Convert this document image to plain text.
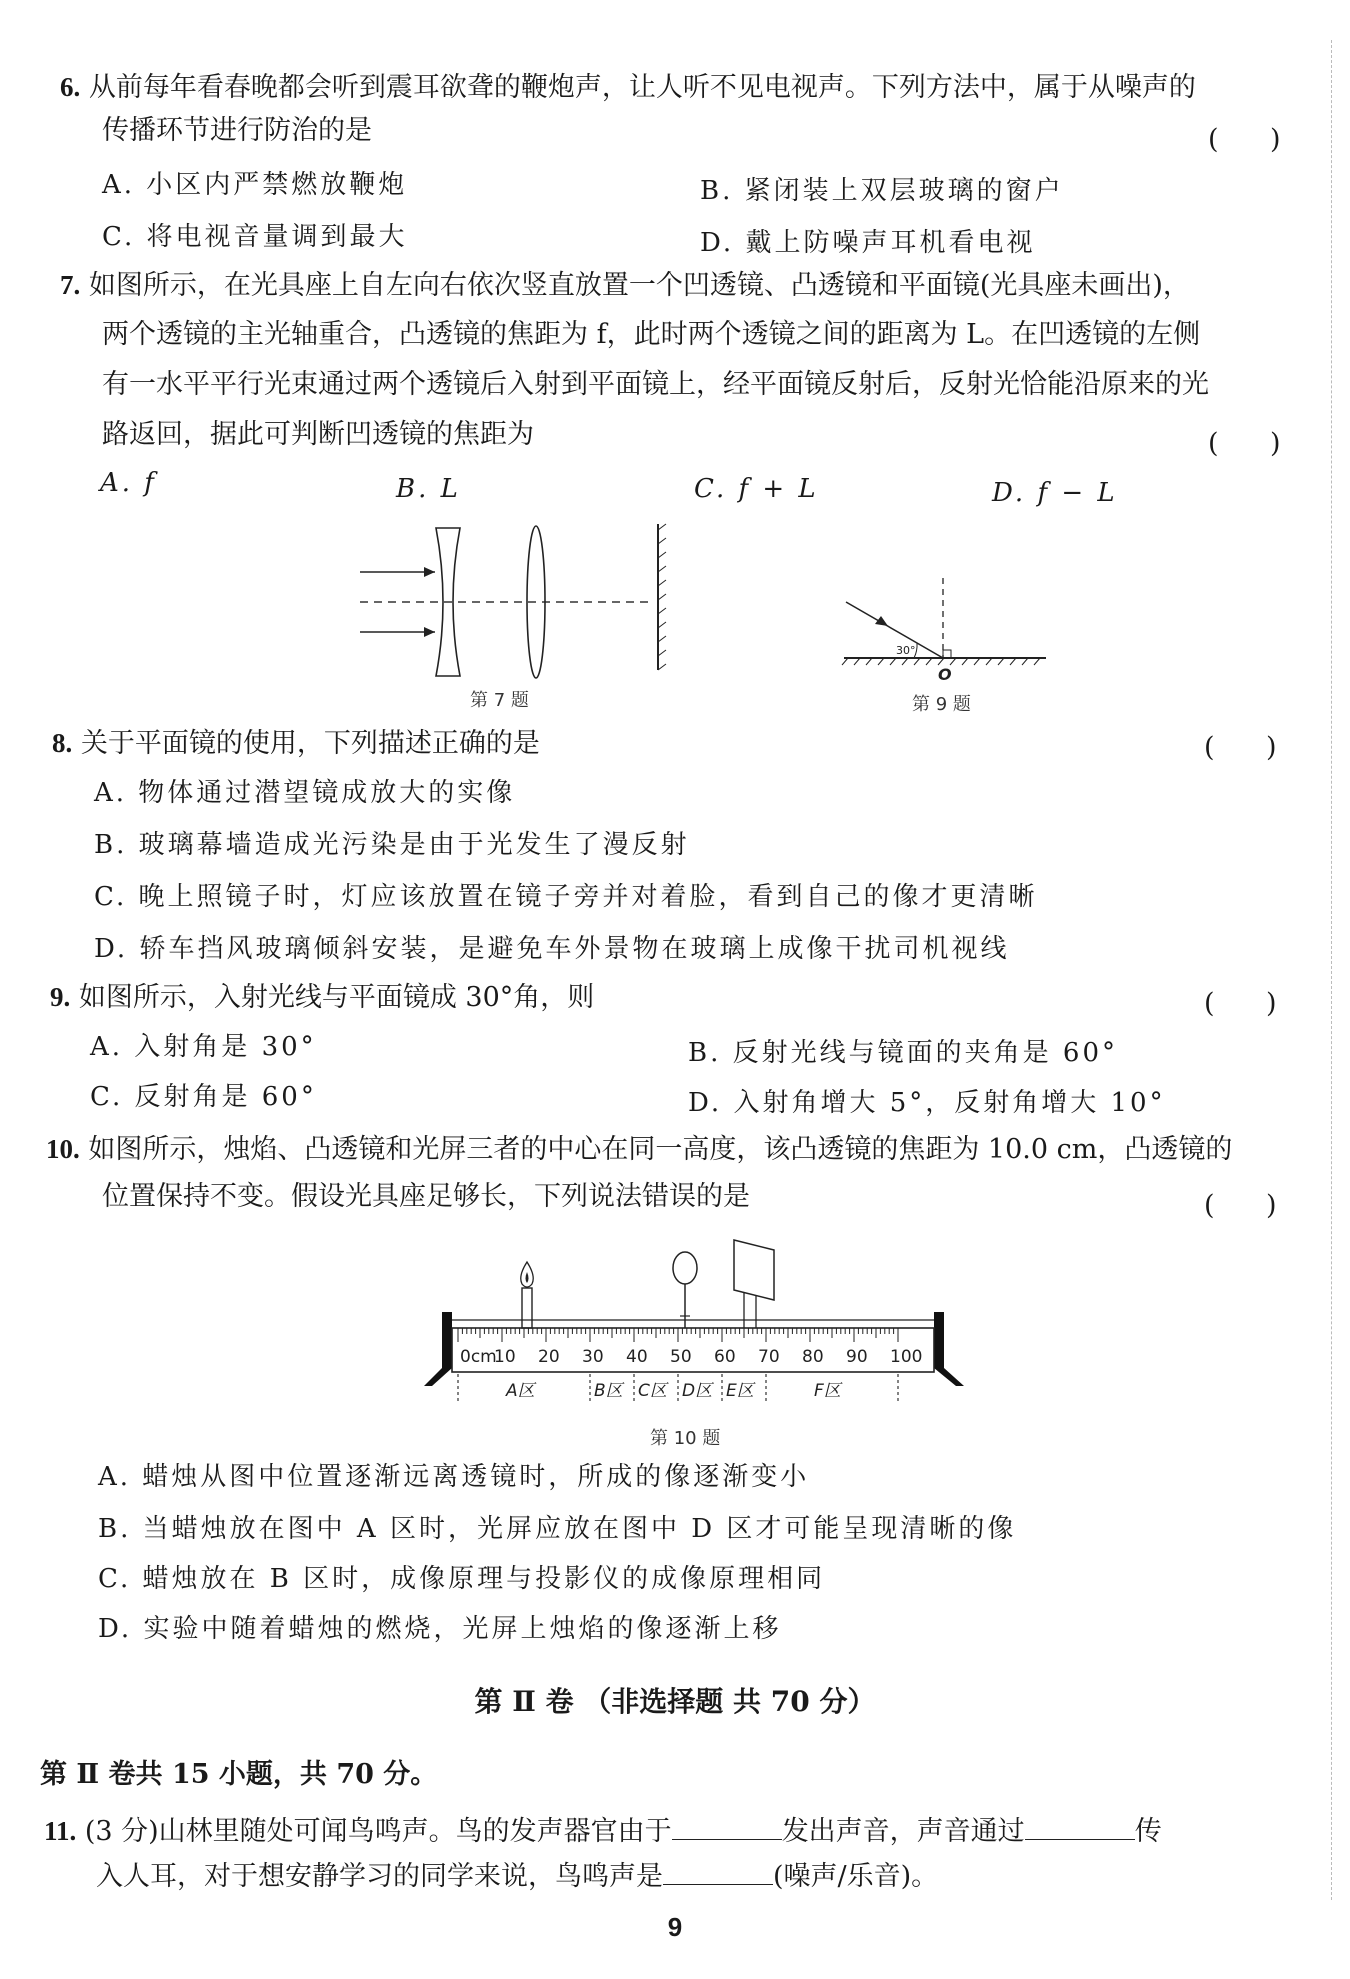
6. 从前每年看春晚都会听到震耳欲聋的鞭炮声，让人听不见电视声。下列方法中，属于从噪声的
传播环节进行防治的是	(      )
A. 小区内严禁燃放鞭炮	B. 紧闭装上双层玻璃的窗户
C. 将电视音量调到最大	D. 戴上防噪声耳机看电视
7. 如图所示，在光具座上自左向右依次竖直放置一个凹透镜、凸透镜和平面镜(光具座未画出)，
两个透镜的主光轴重合，凸透镜的焦距为 f，此时两个透镜之间的距离为 L。在凹透镜的左侧
有一水平平行光束通过两个透镜后入射到平面镜上，经平面镜反射后，反射光恰能沿原来的光
路返回，据此可判断凹透镜的焦距为	(      )
A. f	B. L	C. f + L	D. f − L
第 7 题
30°
O
第 9 题
8. 关于平面镜的使用，下列描述正确的是	(      )
A. 物体通过潜望镜成放大的实像
B. 玻璃幕墙造成光污染是由于光发生了漫反射
C. 晚上照镜子时，灯应该放置在镜子旁并对着脸，看到自己的像才更清晰
D. 轿车挡风玻璃倾斜安装，是避免车外景物在玻璃上成像干扰司机视线
9. 如图所示，入射光线与平面镜成 30°角，则	(      )
A. 入射角是 30°	B. 反射光线与镜面的夹角是 60°
C. 反射角是 60°	D. 入射角增大 5°，反射角增大 10°
10. 如图所示，烛焰、凸透镜和光屏三者的中心在同一高度，该凸透镜的焦距为 10.0 cm，凸透镜的
位置保持不变。假设光具座足够长，下列说法错误的是	(      )
0cm
10 20 30 40 50 60 70 80 90 100
A区	B区 C区 D区 E区	F区
第 10 题
A. 蜡烛从图中位置逐渐远离透镜时，所成的像逐渐变小
B. 当蜡烛放在图中 A 区时，光屏应放在图中 D 区才可能呈现清晰的像
C. 蜡烛放在 B 区时，成像原理与投影仪的成像原理相同
D. 实验中随着蜡烛的燃烧，光屏上烛焰的像逐渐上移
第 Ⅱ 卷 （非选择题 共 70 分）
第 Ⅱ 卷共 15 小题，共 70 分。
11. (3 分)山林里随处可闻鸟鸣声。鸟的发声器官由于	发出声音，声音通过	传
入人耳，对于想安静学习的同学来说，鸟鸣声是	(噪声/乐音)。
9
